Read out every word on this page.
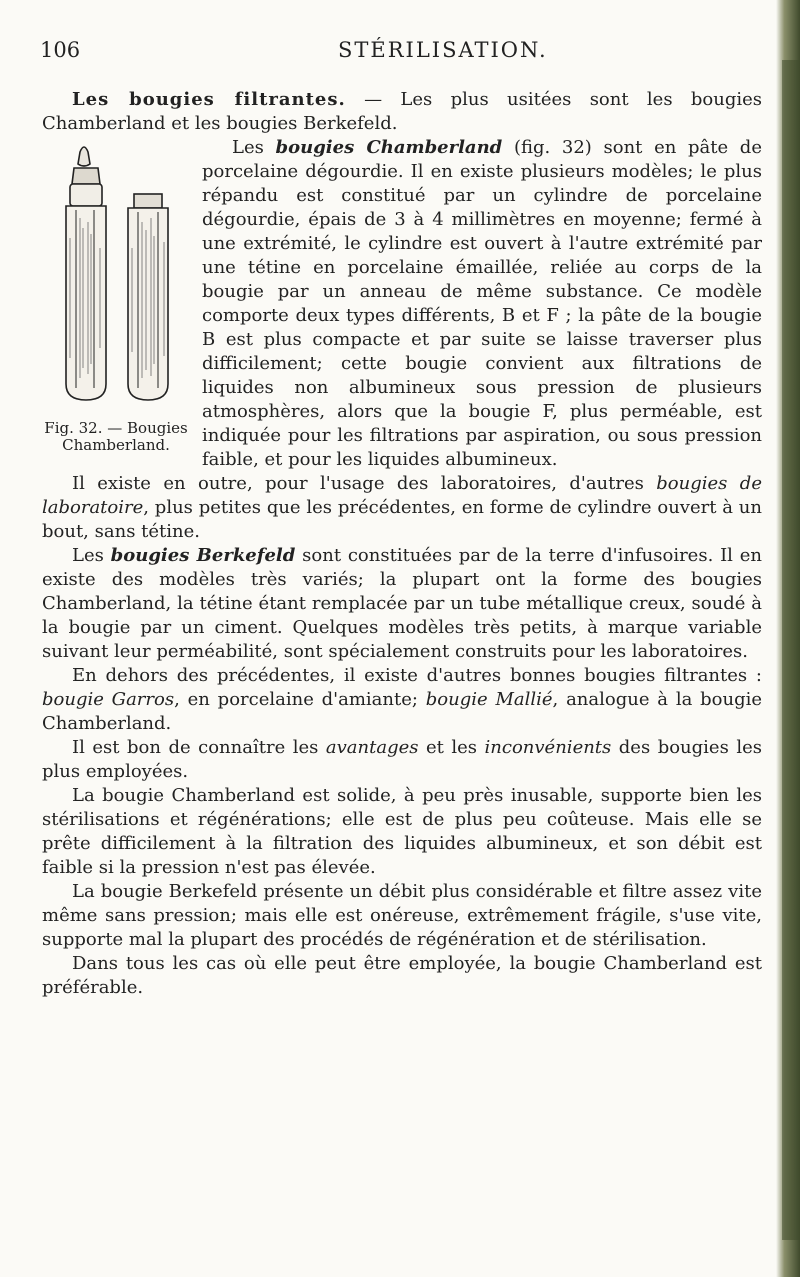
106	STÉRILISATION.

Les bougies filtrantes. — Les plus usitées sont les bougies Chamberland et les bougies Berkefeld.

Fig. 32. — Bougies Chamberland.

Les bougies Chamberland (fig. 32) sont en pâte de porcelaine dégourdie. Il en existe plusieurs modèles; le plus répandu est constitué par un cylindre de porcelaine dégourdie, épais de 3 à 4 millimètres en moyenne; fermé à une extrémité, le cylindre est ouvert à l'autre extrémité par une tétine en porcelaine émaillée, reliée au corps de la bougie par un anneau de même substance. Ce modèle comporte deux types différents, B et F ; la pâte de la bougie B est plus compacte et par suite se laisse traverser plus difficilement; cette bougie convient aux filtrations de liquides non albumineux sous pression de plusieurs atmosphères, alors que la bougie F, plus perméable, est indiquée pour les filtrations par aspiration, ou sous pression faible, et pour les liquides albumineux.

Il existe en outre, pour l'usage des laboratoires, d'autres bougies de laboratoire, plus petites que les précédentes, en forme de cylindre ouvert à un bout, sans tétine.

Les bougies Berkefeld sont constituées par de la terre d'infusoires. Il en existe des modèles très variés; la plupart ont la forme des bougies Chamberland, la tétine étant remplacée par un tube métallique creux, soudé à la bougie par un ciment. Quelques modèles très petits, à marque variable suivant leur perméabilité, sont spécialement construits pour les laboratoires.

En dehors des précédentes, il existe d'autres bonnes bougies filtrantes : bougie Garros, en porcelaine d'amiante; bougie Mallié, analogue à la bougie Chamberland.

Il est bon de connaître les avantages et les inconvénients des bougies les plus employées.

La bougie Chamberland est solide, à peu près inusable, supporte bien les stérilisations et régénérations; elle est de plus peu coûteuse. Mais elle se prête difficilement à la filtration des liquides albumineux, et son débit est faible si la pression n'est pas élevée.

La bougie Berkefeld présente un débit plus considérable et filtre assez vite même sans pression; mais elle est onéreuse, extrêmement frágile, s'use vite, supporte mal la plupart des procédés de régénération et de stérilisation.

Dans tous les cas où elle peut être employée, la bougie Chamberland est préférable.
